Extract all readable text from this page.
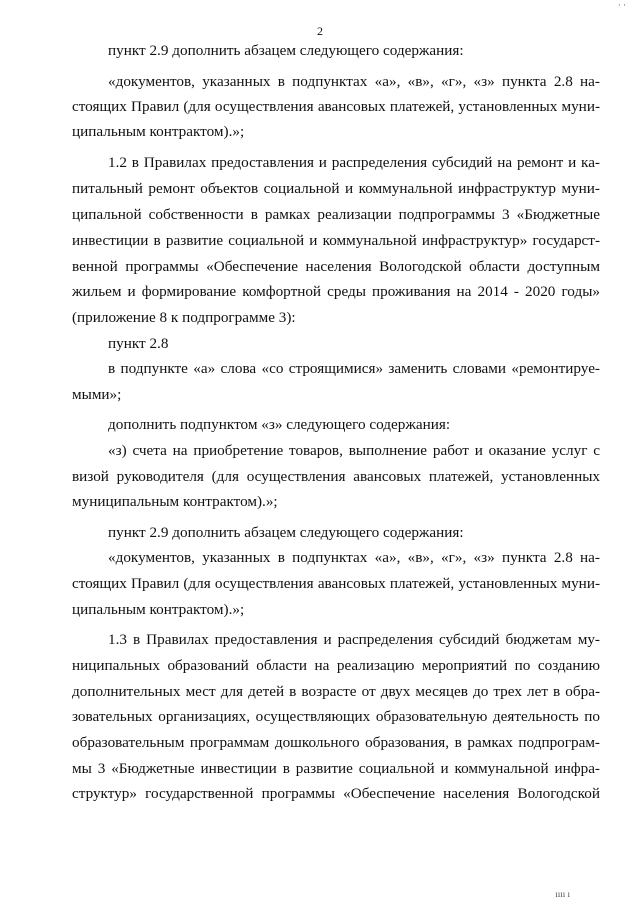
· ·
2
пункт 2.9 дополнить абзацем следующего содержания:
«документов, указанных в подпунктах «а», «в», «г», «з» пункта 2.8 на-
стоящих Правил (для осуществления авансовых платежей, установленных муни-
ципальным контрактом).»;
1.2 в Правилах предоставления и распределения субсидий на ремонт и ка-
питальный ремонт объектов социальной и коммунальной инфраструктур муни-
ципальной собственности в рамках реализации подпрограммы 3 «Бюджетные
инвестиции в развитие социальной и коммунальной инфраструктур» государст-
венной программы «Обеспечение населения Вологодской области доступным
жильем и формирование комфортной среды проживания на 2014 - 2020 годы»
(приложение 8 к подпрограмме 3):
пункт 2.8
в подпункте «а» слова «со строящимися» заменить словами «ремонтируе-
мыми»;
дополнить подпунктом «з» следующего содержания:
«з) счета на приобретение товаров, выполнение работ и оказание услуг с
визой руководителя (для осуществления авансовых платежей, установленных
муниципальным контрактом).»;
пункт 2.9 дополнить абзацем следующего содержания:
«документов, указанных в подпунктах «а», «в», «г», «з» пункта 2.8 на-
стоящих Правил (для осуществления авансовых платежей, установленных муни-
ципальным контрактом).»;
1.3 в Правилах предоставления и распределения субсидий бюджетам му-
ниципальных образований области на реализацию мероприятий по созданию
дополнительных мест для детей в возрасте от двух месяцев до трех лет в обра-
зовательных организациях, осуществляющих образовательную деятельность по
образовательным программам дошкольного образования, в рамках подпрограм-
мы 3 «Бюджетные инвестиции в развитие социальной и коммунальной инфра-
структур» государственной программы «Обеспечение населения Вологодской
ıııı ı
